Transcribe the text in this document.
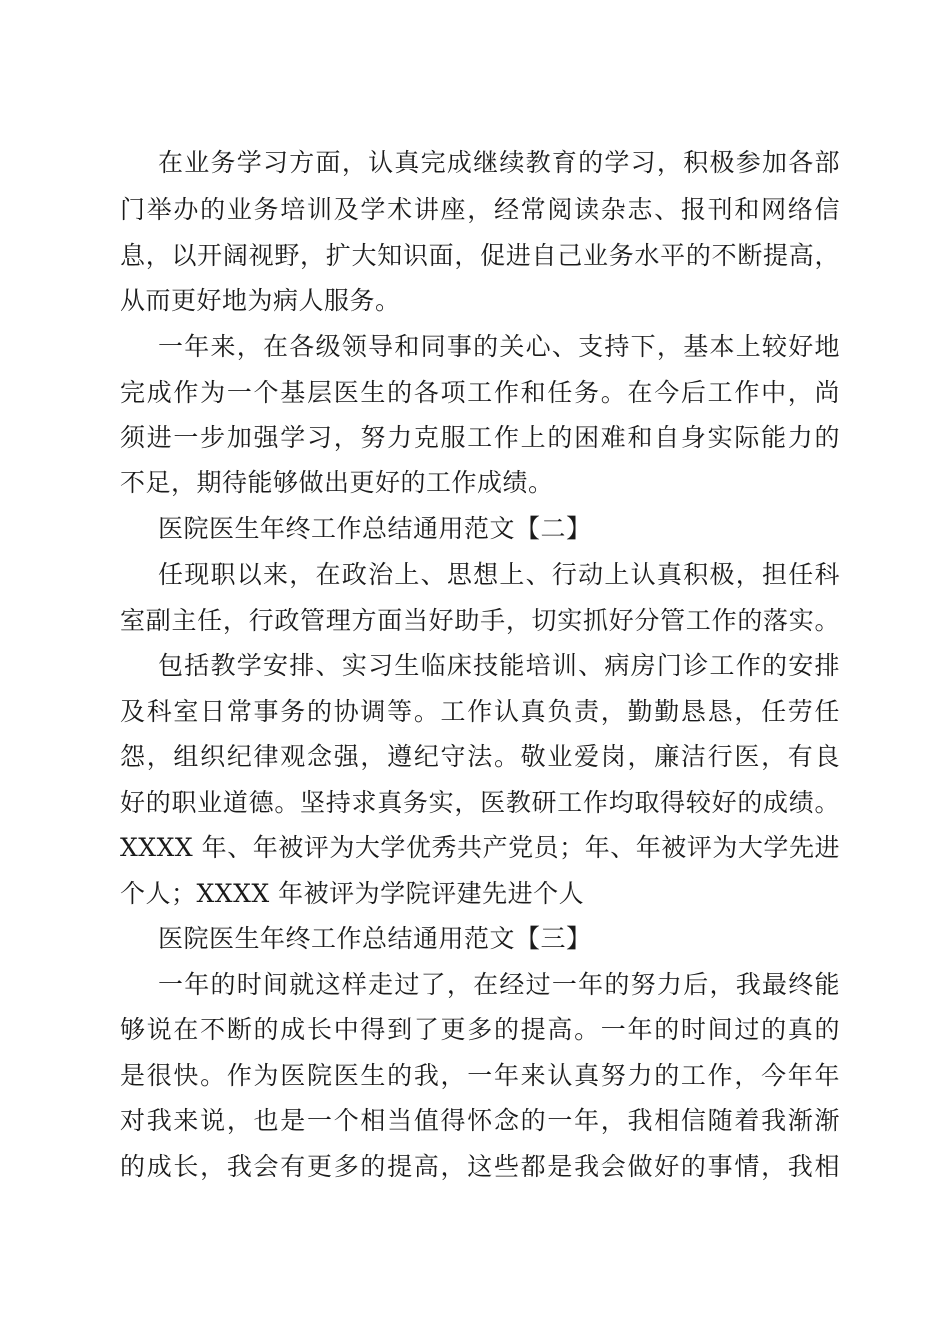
在业务学习方面，认真完成继续教育的学习，积极参加各部
门举办的业务培训及学术讲座，经常阅读杂志、报刊和网络信
息，以开阔视野，扩大知识面，促进自己业务水平的不断提高，
从而更好地为病人服务。
一年来，在各级领导和同事的关心、支持下，基本上较好地
完成作为一个基层医生的各项工作和任务。在今后工作中，尚
须进一步加强学习，努力克服工作上的困难和自身实际能力的
不足，期待能够做出更好的工作成绩。
医院医生年终工作总结通用范文【二】
任现职以来，在政治上、思想上、行动上认真积极，担任科
室副主任，行政管理方面当好助手，切实抓好分管工作的落实。
包括教学安排、实习生临床技能培训、病房门诊工作的安排
及科室日常事务的协调等。工作认真负责，勤勤恳恳，任劳任
怨，组织纪律观念强，遵纪守法。敬业爱岗，廉洁行医，有良
好的职业道德。坚持求真务实，医教研工作均取得较好的成绩。
XXXX 年、年被评为大学优秀共产党员；年、年被评为大学先进
个人；XXXX 年被评为学院评建先进个人
医院医生年终工作总结通用范文【三】
一年的时间就这样走过了，在经过一年的努力后，我最终能
够说在不断的成长中得到了更多的提高。一年的时间过的真的
是很快。作为医院医生的我，一年来认真努力的工作，今年年
对我来说，也是一个相当值得怀念的一年，我相信随着我渐渐
的成长，我会有更多的提高，这些都是我会做好的事情，我相
